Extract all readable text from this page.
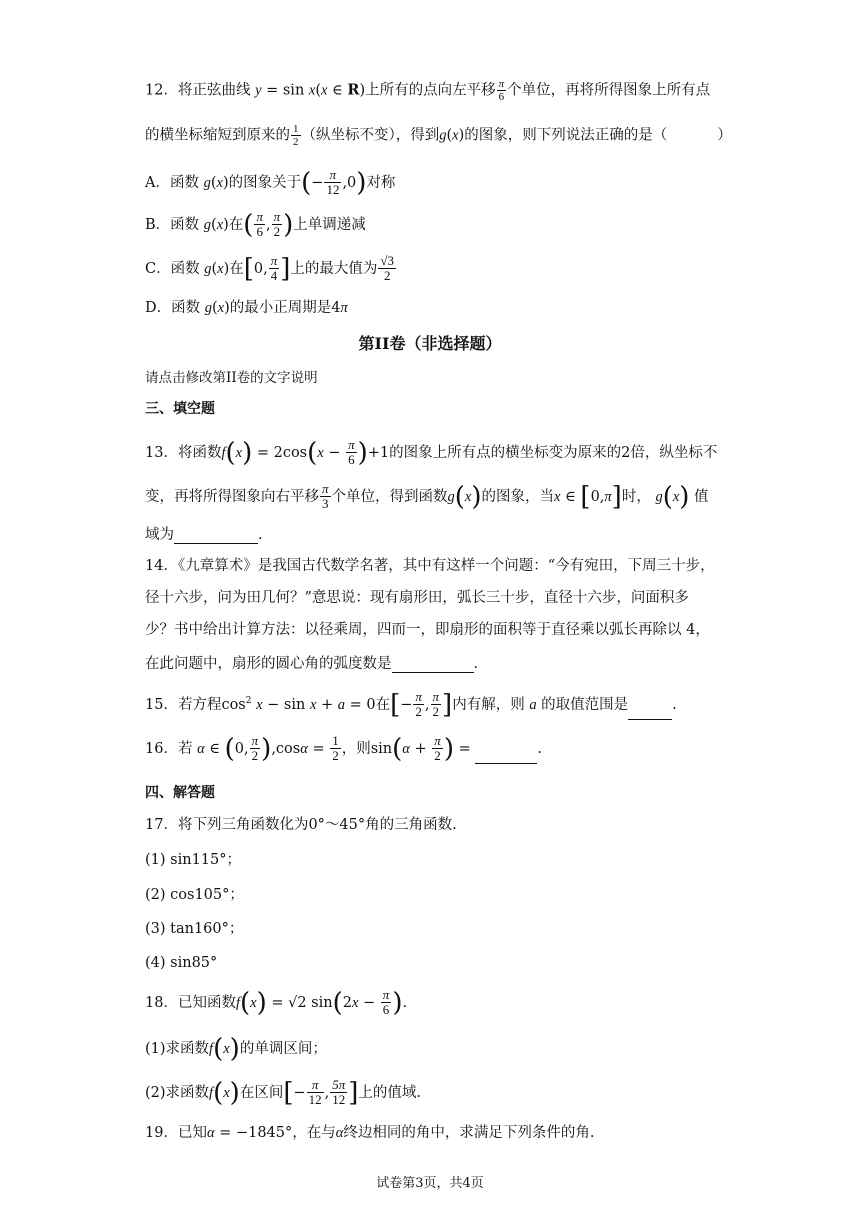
12．将正弦曲线 y = sin x(x ∈ R)上所有的点向左平移 $\frac{\pi}{6}$ 个单位，再将所得图象上所有点
的横坐标缩短到原来的 $\frac{1}{2}$ （纵坐标不变），得到g(x)的图象，则下列说法正确的是（	）
A．函数 g(x)的图象关于(− $\frac{\pi}{12} ,0$)对称
B．函数 g(x)在( $\frac{\pi}{6}$ , $\frac{\pi}{2}$ )上单调递减
C．函数 g(x)在[0, $\frac{\pi}{4}$ ]上的最大值为 $\frac{√3}{2}$
D．函数 g(x)的最小正周期是4π
第II卷（非选择题）
请点击修改第II卷的文字说明
三、填空题
13．将函数$f(x) = 2\cos(x - \frac{\pi}{6} )+1$的图象上所有点的横坐标变为原来的2倍，纵坐标不
变，再将所得图象向右平移 $\frac{\pi}{3}$ 个单位，得到函数g(x)的图象，当x ∈ [0,π]时， g(x) 值
域为	.
14．《九章算术》是我国古代数学名著，其中有这样一个问题：“今有宛田，下周三十步，
径十六步，问为田几何？”意思说：现有扇形田，弧长三十步，直径十六步，问面积多
少？书中给出计算方法：以径乘周，四而一，即扇形的面积等于直径乘以弧长再除以 4，
在此问题中，扇形的圆心角的弧度数是	.
15．若方程$\cos^2 x - \sin x + a = 0$在[− $\frac{\pi}{2}$ , $\frac{\pi}{2}$ ]内有解，则 a 的取值范围是	.
16．若 α ∈ (0, $\frac{\pi}{2} ),\cos\alpha = \frac{1}{2}$ ，则$\sin(\alpha + \frac{\pi}{2}$ ) =	.
四、解答题
17．将下列三角函数化为0°～45°角的三角函数.
(1) sin115°；
(2) cos105°；
(3) tan160°；
(4) sin85°
18．已知函数f(x) = √2 $\sin(2x - \frac{\pi}{6}$ ).
(1)求函数f(x)的单调区间；
(2)求函数f(x)在区间[− $\frac{\pi}{12}$ , $\frac{5\pi}{12}$ ]上的值域.
19．已知α = −1845°，在与α终边相同的角中，求满足下列条件的角.
试卷第3页，共4页
